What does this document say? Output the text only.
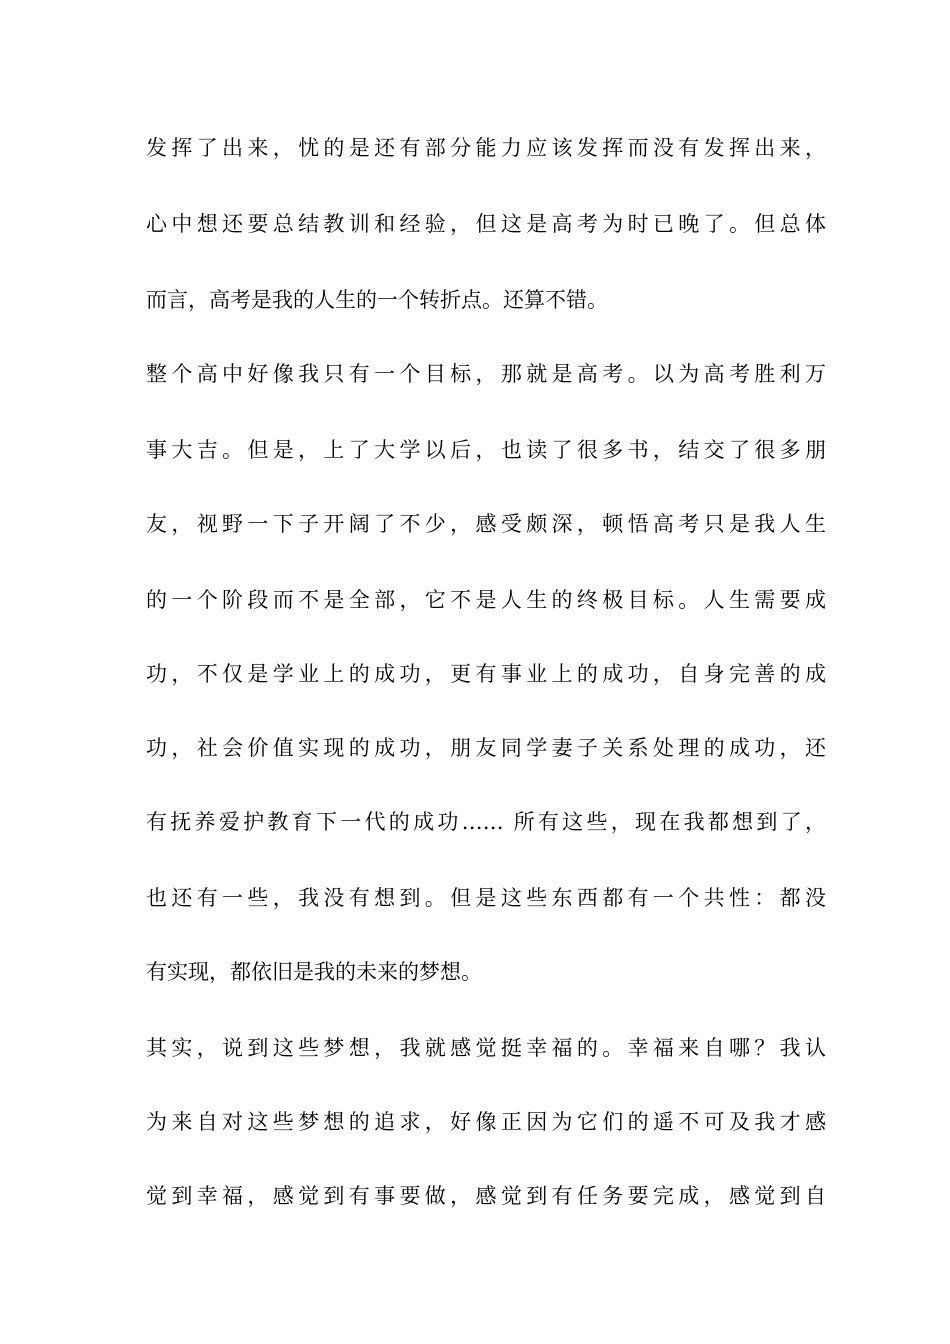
发挥了出来，忧的是还有部分能力应该发挥而没有发挥出来，
心中想还要总结教训和经验，但这是高考为时已晚了。但总体
而言，高考是我的人生的一个转折点。还算不错。
整个高中好像我只有一个目标，那就是高考。以为高考胜利万
事大吉。但是，上了大学以后，也读了很多书，结交了很多朋
友，视野一下子开阔了不少，感受颇深，顿悟高考只是我人生
的一个阶段而不是全部，它不是人生的终极目标。人生需要成
功，不仅是学业上的成功，更有事业上的成功，自身完善的成
功，社会价值实现的成功，朋友同学妻子关系处理的成功，还
有抚养爱护教育下一代的成功…… 所有这些，现在我都想到了，
也还有一些，我没有想到。但是这些东西都有一个共性：都没
有实现，都依旧是我的未来的梦想。
其实，说到这些梦想，我就感觉挺幸福的。幸福来自哪？我认
为来自对这些梦想的追求，好像正因为它们的遥不可及我才感
觉到幸福，感觉到有事要做，感觉到有任务要完成，感觉到自
